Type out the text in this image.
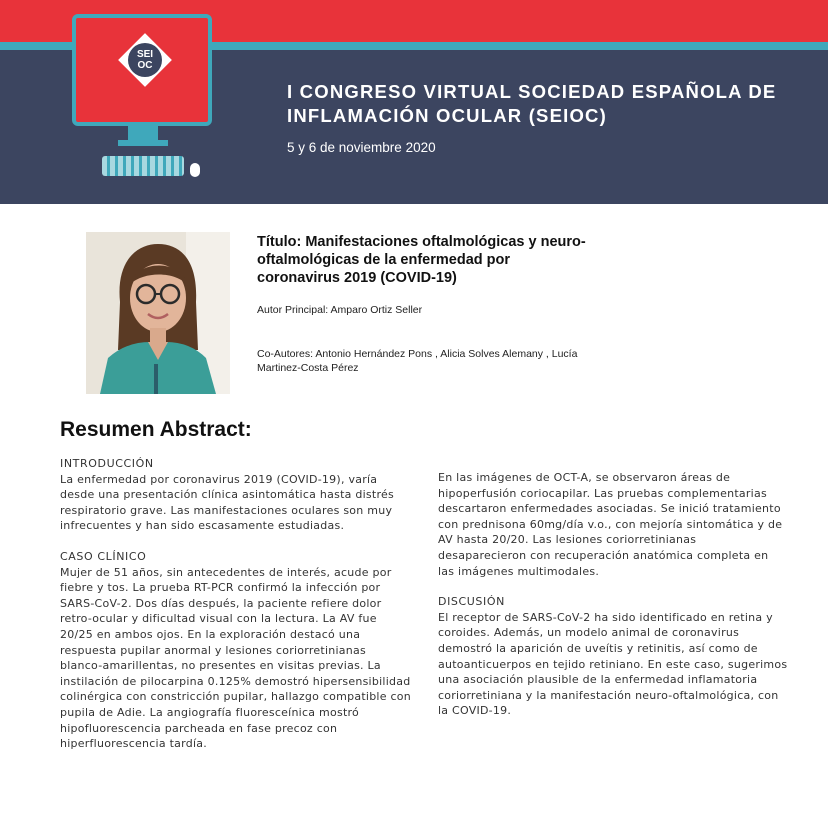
SEI
OC
I CONGRESO VIRTUAL SOCIEDAD ESPAÑOLA DE INFLAMACIÓN OCULAR (SEIOC)
5 y 6 de noviembre 2020
Título: Manifestaciones oftalmológicas y neuro-oftalmológicas de la enfermedad por coronavirus 2019 (COVID-19)
Autor Principal: Amparo Ortiz Seller
Co-Autores: Antonio Hernández Pons , Alicia Solves Alemany , Lucía Martinez-Costa Pérez
Resumen Abstract:
INTRODUCCIÓN

La enfermedad por coronavirus 2019 (COVID-19), varía desde una presentación clínica asintomática hasta distrés respiratorio grave. Las manifestaciones oculares son muy infrecuentes y han sido escasamente estudiadas.

CASO CLÍNICO

Mujer de 51 años, sin antecedentes de interés, acude por fiebre y tos. La prueba RT-PCR confirmó la infección por SARS-CoV-2. Dos días después, la paciente refiere dolor retro-ocular y dificultad visual con la lectura. La AV fue 20/25 en ambos ojos. En la exploración destacó una respuesta pupilar anormal y lesiones coriorretinianas blanco-amarillentas, no presentes en visitas previas. La instilación de pilocarpina 0.125% demostró hipersensibilidad colinérgica con constricción pupilar, hallazgo compatible con pupila de Adie. La angiografía fluoresceínica mostró hipofluorescencia parcheada en fase precoz con hiperfluorescencia tardía.

En las imágenes de OCT-A, se observaron áreas de hipoperfusión coriocapilar. Las pruebas complementarias descartaron enfermedades asociadas. Se inició tratamiento con prednisona 60mg/día v.o., con mejoría sintomática y de AV hasta 20/20. Las lesiones coriorretinianas desaparecieron con recuperación anatómica completa en las imágenes multimodales.

DISCUSIÓN

El receptor de SARS-CoV-2 ha sido identificado en retina y coroides. Además, un modelo animal de coronavirus demostró la aparición de uveítis y retinitis, así como de autoanticuerpos en tejido retiniano. En este caso, sugerimos una asociación plausible de la enfermedad inflamatoria coriorretiniana y la manifestación neuro-oftalmológica, con la COVID-19.
